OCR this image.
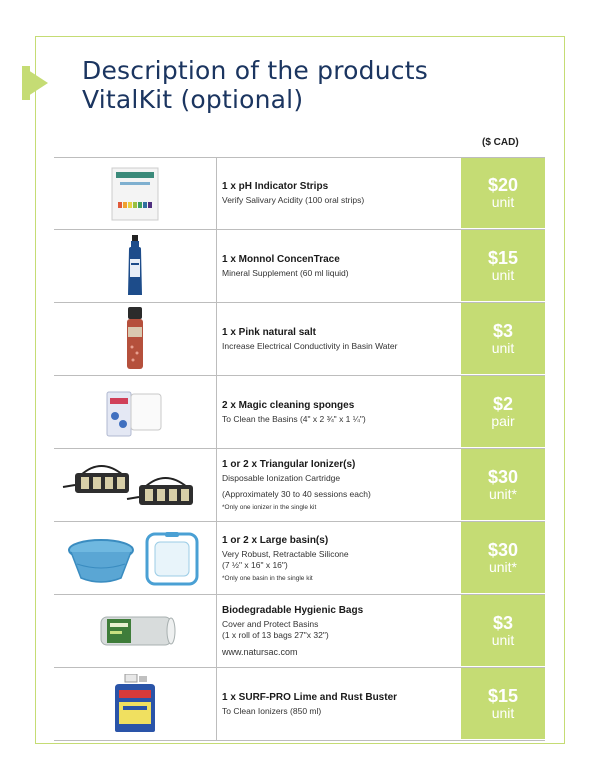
Description of the products
VitalKit (optional)
($ CAD)
1 x pH Indicator Strips
Verify Salivary Acidity (100 oral strips)
$20
unit
1 x Monnol ConcenTrace
Mineral Supplement (60 ml liquid)
$15
unit
1 x Pink natural salt
Increase Electrical Conductivity in Basin Water
$3
unit
2 x Magic cleaning sponges
To Clean the Basins (4" x 2 ¾" x 1 ¼")
$2
pair
1 or 2 x Triangular Ionizer(s)
Disposable Ionization Cartridge
(Approximately 30 to 40 sessions each)
*Only one ionizer in the single kit
$30
unit*
1 or 2 x Large basin(s)
Very Robust, Retractable Silicone
(7 ½" x 16" x 16")
*Only one basin in the single kit
$30
unit*
Biodegradable Hygienic Bags
Cover and Protect Basins
(1 x roll of 13 bags 27"x 32")
www.natursac.com
$3
unit
1 x SURF-PRO Lime and Rust Buster
To Clean Ionizers (850 ml)
$15
unit
